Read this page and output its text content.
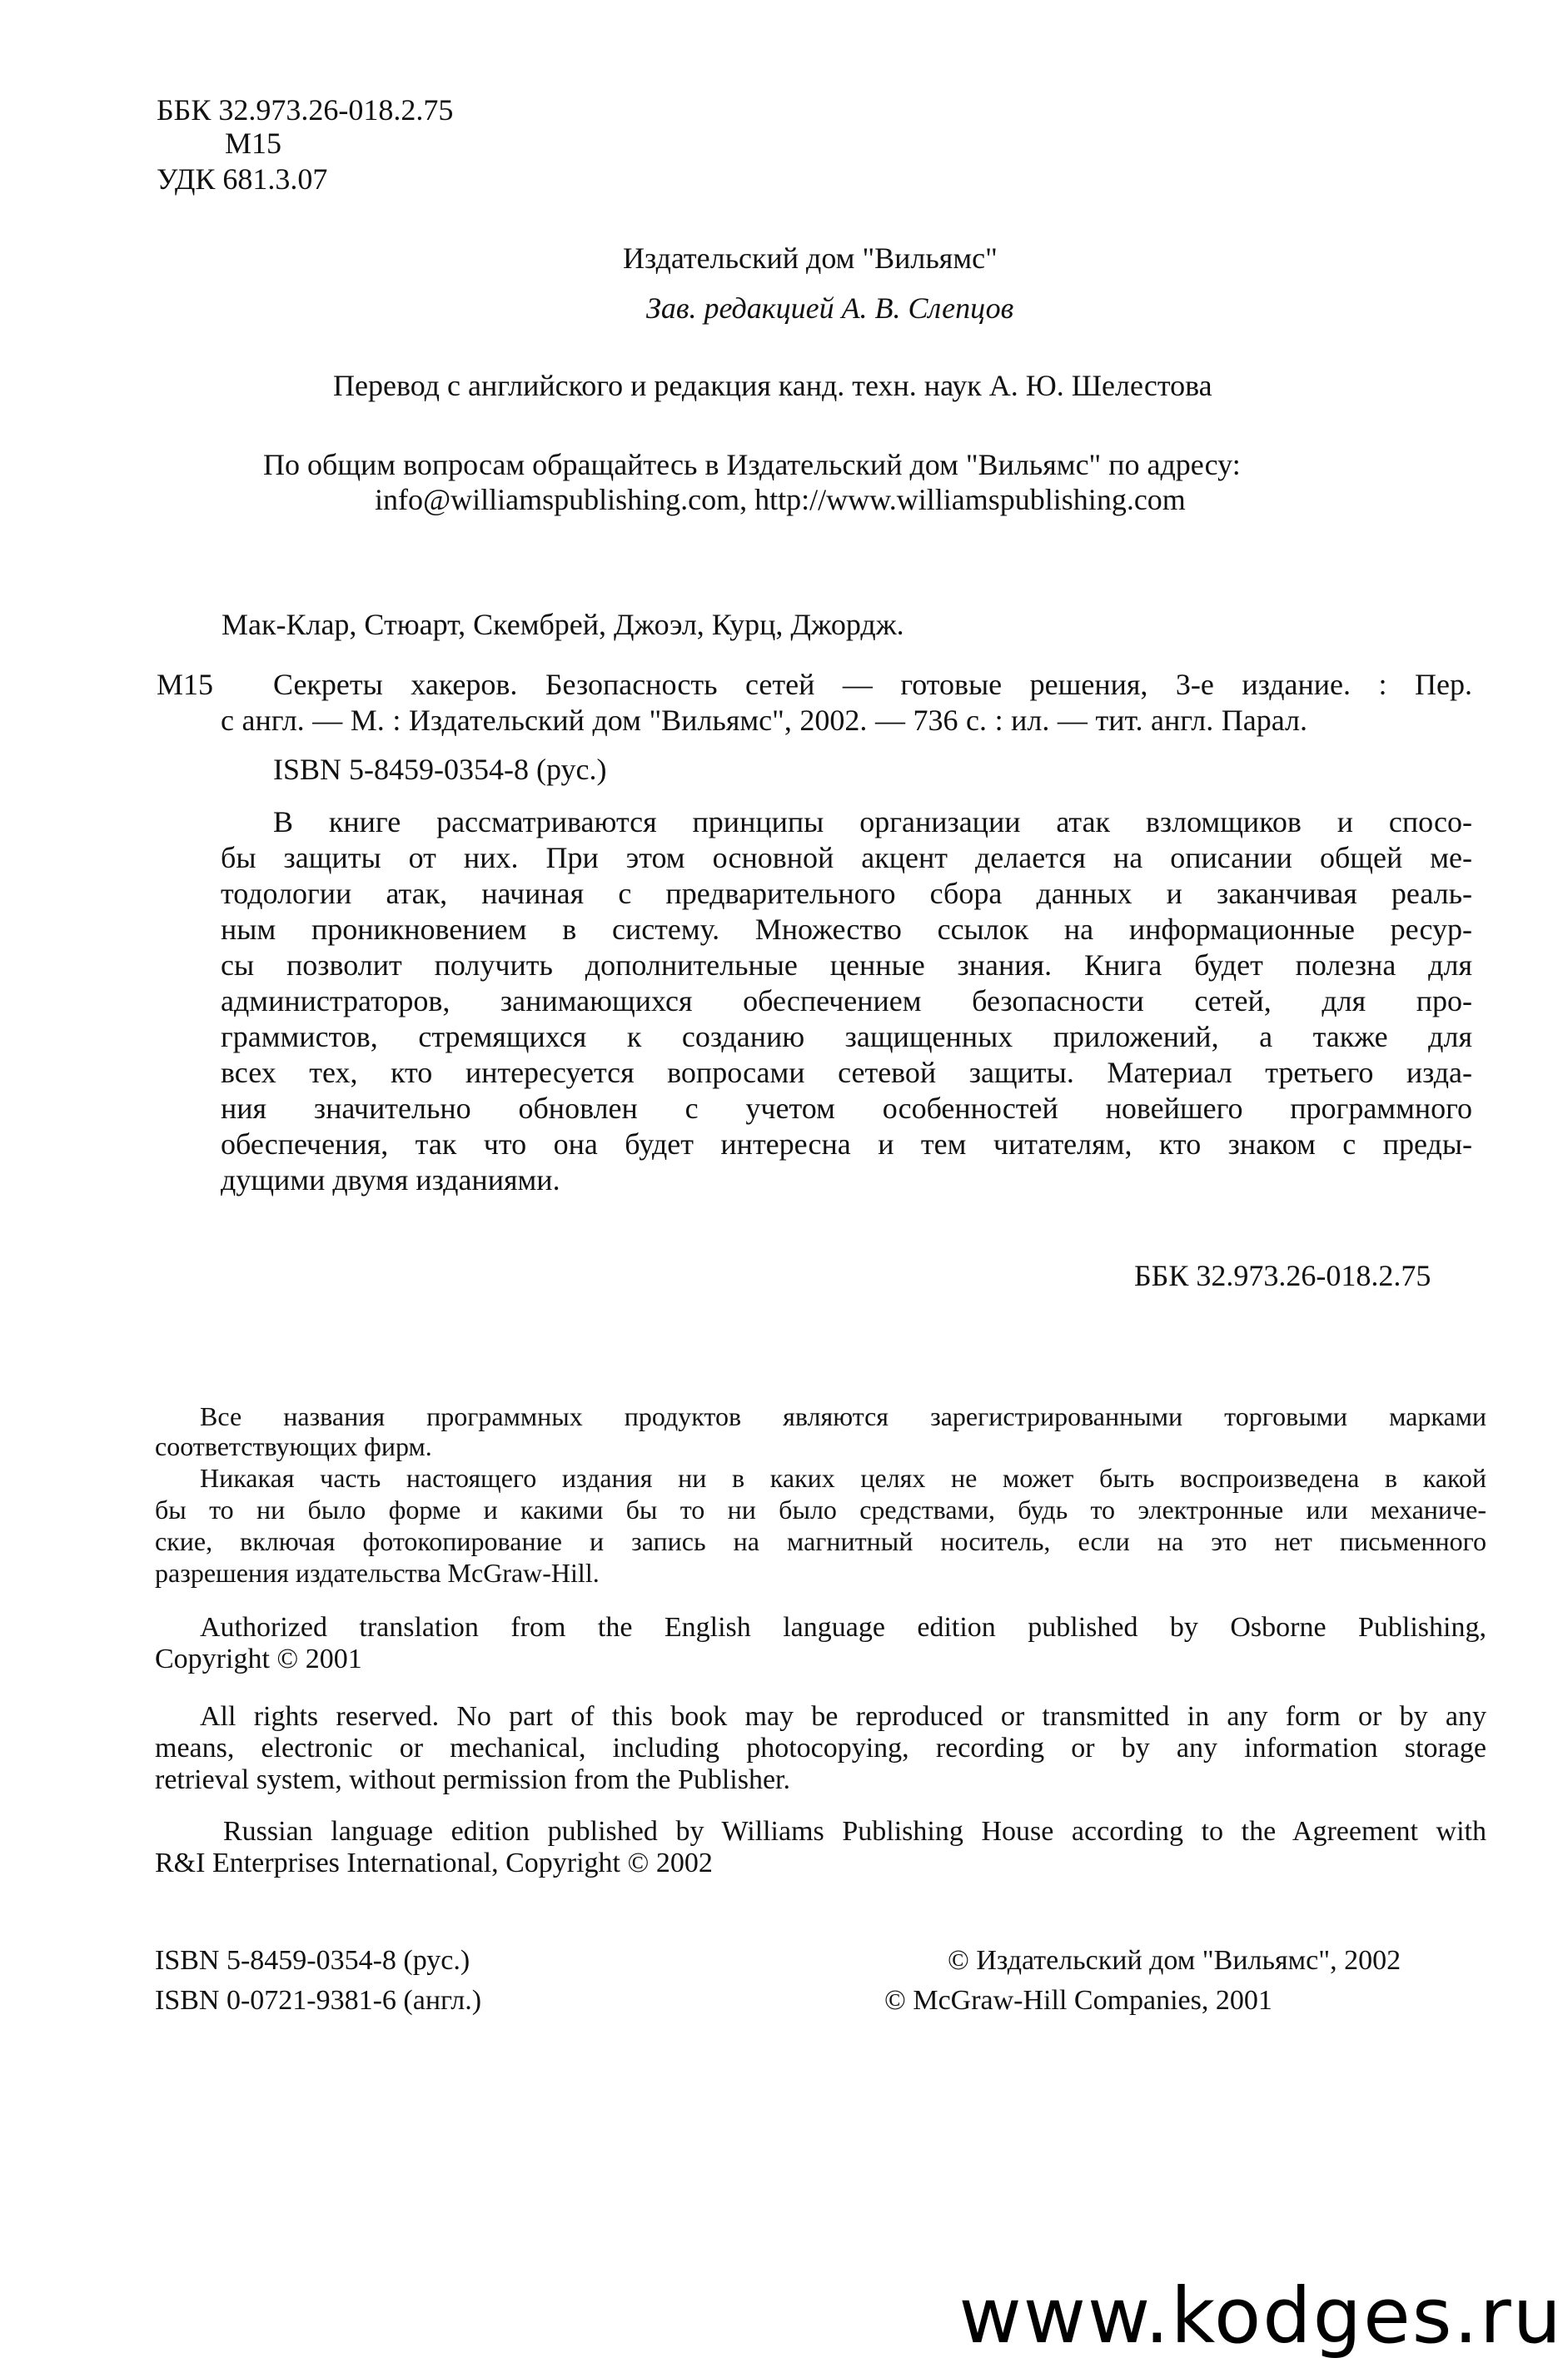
ББК 32.973.26-018.2.75
М15
УДК 681.3.07
Издательский дом "Вильямс"
Зав. редакцией А. В. Слепцов
Перевод с английского и редакция канд. техн. наук А. Ю. Шелестова
По общим вопросам обращайтесь в Издательский дом "Вильямс" по адресу:
info@williamspublishing.com, http://www.williamspublishing.com
Мак-Клар, Стюарт, Скембрей, Джоэл, Курц, Джордж.
М15 Секреты хакеров. Безопасность сетей — готовые решения, 3-е издание. : Пер.
с англ. — М. : Издательский дом "Вильямс", 2002. — 736 с. : ил. — тит. англ. Парал.
ISBN 5-8459-0354-8 (рус.)
В книге рассматриваются принципы организации атак взломщиков и спосо-
бы защиты от них. При этом основной акцент делается на описании общей ме-
тодологии атак, начиная с предварительного сбора данных и заканчивая реаль-
ным проникновением в систему. Множество ссылок на информационные ресур-
сы позволит получить дополнительные ценные знания. Книга будет полезна для
администраторов, занимающихся обеспечением безопасности сетей, для про-
граммистов, стремящихся к созданию защищенных приложений, а также для
всех тех, кто интересуется вопросами сетевой защиты. Материал третьего изда-
ния значительно обновлен с учетом особенностей новейшего программного
обеспечения, так что она будет интересна и тем читателям, кто знаком с преды-
дущими двумя изданиями.
ББК 32.973.26-018.2.75
Все названия программных продуктов являются зарегистрированными торговыми марками
соответствующих фирм.
Никакая часть настоящего издания ни в каких целях не может быть воспроизведена в какой
бы то ни было форме и какими бы то ни было средствами, будь то электронные или механиче-
ские, включая фотокопирование и запись на магнитный носитель, если на это нет письменного
разрешения издательства McGraw-Hill.
Authorized translation from the English language edition published by Osborne Publishing,
Copyright © 2001
All rights reserved. No part of this book may be reproduced or transmitted in any form or by any
means, electronic or mechanical, including photocopying, recording or by any information storage
retrieval system, without permission from the Publisher.
Russian language edition published by Williams Publishing House according to the Agreement with
R&I Enterprises International, Copyright © 2002
ISBN 5-8459-0354-8 (рус.)
ISBN 0-0721-9381-6 (англ.)
© Издательский дом "Вильямс", 2002
© McGraw-Hill Companies, 2001
www.kodges.ru
